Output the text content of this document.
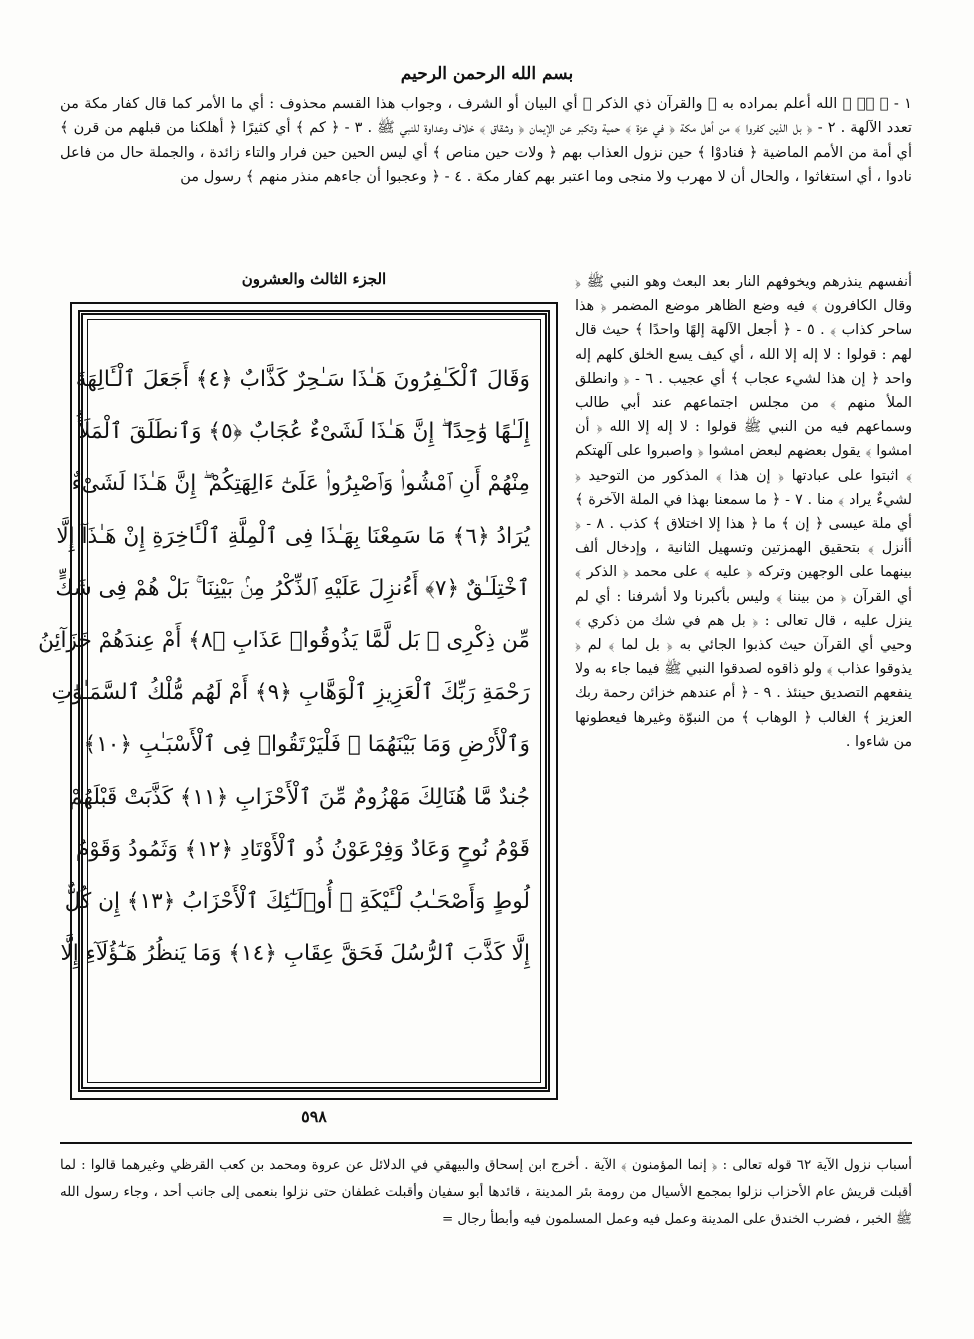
بسم الله الرحمن الرحيم
١ - ﴿ صۤ ﴾ الله أعلم بمراده به ﴿ والقرآن ذي الذكر ﴾ أي البيان أو الشرف ، وجواب هذا القسم محذوف : أي ما الأمر كما قال كفار مكة من تعدد الآلهة . ٢ - ﴿ بل الذين كفروا ﴾ من أهل مكة ﴿ في عزة ﴾ حمية وتكبر عن الإيمان ﴿ وشقاق ﴾ خلاف وعداوة للنبي ﷺ . ٣ - ﴿ كم ﴾ أي كثيرًا ﴿ أهلكنا من قبلهم من قرن ﴾ أي أمة من الأمم الماضية ﴿ فنادوْا ﴾ حين نزول العذاب بهم ﴿ ولات حين مناص ﴾ أي ليس الحين حين فرار والتاء زائدة ، والجملة حال من فاعل نادوا ، أي استغاثوا ، والحال أن لا مهرب ولا منجى وما اعتبر بهم كفار مكة . ٤ - ﴿ وعجبوا أن جاءهم منذر منهم ﴾ رسول من
الجزء الثالث والعشرون
وَقَالَ ٱلْكَـٰفِرُونَ هَـٰذَا سَـٰحِرٌ كَذَّابٌ ﴿٤﴾ أَجَعَلَ ٱلْـَٔالِهَةَ
إِلَـٰهًا وَٰحِدًا ۖ إِنَّ هَـٰذَا لَشَىْءٌ عُجَابٌ ﴿٥﴾ وَٱنطَلَقَ ٱلْمَلَأُ
مِنْهُمْ أَنِ ٱمْشُوا۟ وَٱصْبِرُوا۟ عَلَىٰٓ ءَالِهَتِكُمْ ۖ إِنَّ هَـٰذَا لَشَىْءٌ
يُرَادُ ﴿٦﴾ مَا سَمِعْنَا بِهَـٰذَا فِى ٱلْمِلَّةِ ٱلْـَٔاخِرَةِ إِنْ هَـٰذَآ إِلَّا
ٱخْتِلَـٰقٌ ﴿٧﴾ أَءُنزِلَ عَلَيْهِ ٱلذِّكْرُ مِنۢ بَيْنِنَا ۚ بَلْ هُمْ فِى شَكٍّ
مِّن ذِكْرِى ۖ بَل لَّمَّا يَذُوقُوا۟ عَذَابِ ﴿٨﴾ أَمْ عِندَهُمْ خَزَآئِنُ
رَحْمَةِ رَبِّكَ ٱلْعَزِيزِ ٱلْوَهَّابِ ﴿٩﴾ أَمْ لَهُم مُّلْكُ ٱلسَّمَـٰوَٰتِ
وَٱلْأَرْضِ وَمَا بَيْنَهُمَا ۖ فَلْيَرْتَقُوا۟ فِى ٱلْأَسْبَـٰبِ ﴿١٠﴾
جُندٌ مَّا هُنَالِكَ مَهْزُومٌ مِّنَ ٱلْأَحْزَابِ ﴿١١﴾ كَذَّبَتْ قَبْلَهُمْ
قَوْمُ نُوحٍ وَعَادٌ وَفِرْعَوْنُ ذُو ٱلْأَوْتَادِ ﴿١٢﴾ وَثَمُودُ وَقَوْمُ
لُوطٍ وَأَصْحَـٰبُ لْـَٔيْكَةِ ۚ أُو۟لَـٰٓئِكَ ٱلْأَحْزَابُ ﴿١٣﴾ إِن كُلٌّ
إِلَّا كَذَّبَ ٱلرُّسُلَ فَحَقَّ عِقَابِ ﴿١٤﴾ وَمَا يَنظُرُ هَـٰٓؤُلَآءِ إِلَّا
أنفسهم ينذرهم ويخوفهم النار بعد البعث وهو النبي ﷺ ﴿ وقال الكافرون ﴾ فيه وضع الظاهر موضع المضمر ﴿ هذا ساحر كذاب ﴾ . ٥ - ﴿ أجعل الآلهة إلهًا واحدًا ﴾ حيث قال لهم : قولوا : لا إله إلا الله ، أي كيف يسع الخلق كلهم إله واحد ﴿ إن هذا لشيء عجاب ﴾ أي عجيب . ٦ - ﴿ وانطلق الملأ منهم ﴾ من مجلس اجتماعهم عند أبي طالب وسماعهم فيه من النبي ﷺ قولوا : لا إله إلا الله ﴿ أن امشوا ﴾ يقول بعضهم لبعض امشوا ﴿ واصبروا على آلهتكم ﴾ اثبتوا على عبادتها ﴿ إن هذا ﴾ المذكور من التوحيد ﴿ لشيءٌ يراد ﴾ منا . ٧ - ﴿ ما سمعنا بهذا في الملة الآخرة ﴾ أي ملة عيسى ﴿ إن ﴾ ما ﴿ هذا إلا اختلاق ﴾ كذب . ٨ - ﴿ أأنزل ﴾ بتحقيق الهمزتين وتسهيل الثانية ، وإدخال ألف بينهما على الوجهين وتركه ﴿ عليه ﴾ على محمد ﴿ الذكر ﴾ أي القرآن ﴿ من بيننا ﴾ وليس بأكبرنا ولا أشرفنا : أي لم ينزل عليه ، قال تعالى : ﴿ بل هم في شك من ذكري ﴾ وحيي أي القرآن حيث كذبوا الجائي به ﴿ بل لما ﴾ لم ﴿ يذوقوا عذاب ﴾ ولو ذاقوه لصدقوا النبي ﷺ فيما جاء به ولا ينفعهم التصديق حينئذ . ٩ - ﴿ أم عندهم خزائن رحمة ربك العزيز ﴾ الغالب ﴿ الوهاب ﴾ من النبوّة وغيرها فيعطونها من شاءوا .
٥٩٨
أسباب نزول الآية ٦٢ قوله تعالى : ﴿ إنما المؤمنون ﴾ الآية . أخرج ابن إسحاق والبيهقي في الدلائل عن عروة ومحمد بن كعب القرظي وغيرهما قالوا : لما أقبلت قريش عام الأحزاب نزلوا بمجمع الأسيال من رومة بئر المدينة ، قائدها أبو سفيان وأقبلت غطفان حتى نزلوا بنعمى إلى جانب أحد ، وجاء رسول الله ﷺ الخبر ، فضرب الخندق على المدينة وعمل فيه وعمل المسلمون فيه وأبطأ رجال =
